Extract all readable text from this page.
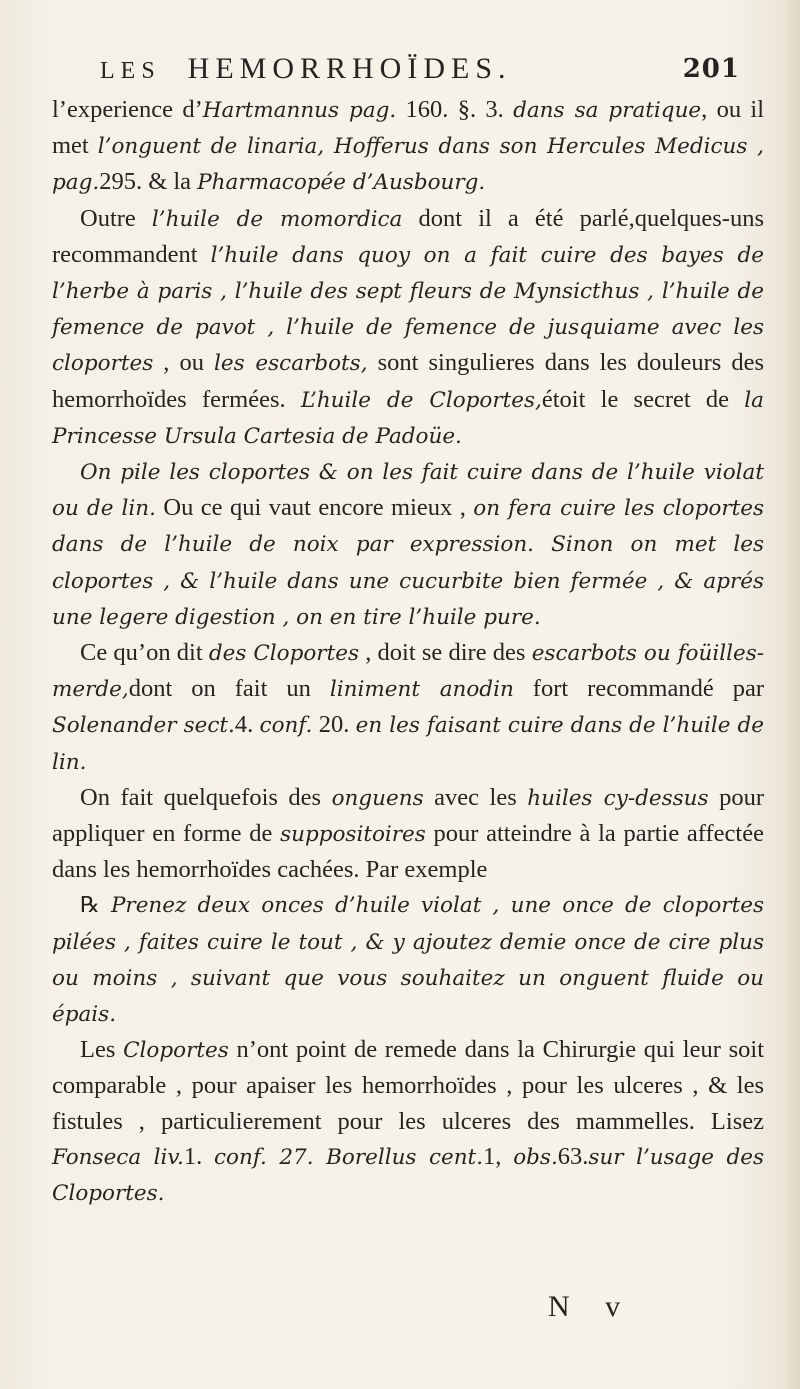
LES HEMORRHOÏDES.	201

l’experience d’Hartmannus pag. 160. §. 3. dans sa pratique, ou il met l’onguent de linaria, Hofferus dans son Hercules Medicus , pag.295. & la Pharmacopée d’Ausbourg.

Outre l’huile de momordica dont il a été parlé,quelques-uns recommandent l’huile dans quoy on a fait cuire des bayes de l’herbe à paris , l’huile des sept fleurs de Mynsicthus , l’huile de femence de pavot , l’huile de femence de jusquiame avec les cloportes , ou les escarbots, sont singulieres dans les douleurs des hemorrhoïdes fermées. L’huile de Cloportes,étoit le secret de la Princesse Ursula Cartesia de Padoüe.

On pile les cloportes & on les fait cuire dans de l’huile violat ou de lin. Ou ce qui vaut encore mieux , on fera cuire les cloportes dans de l’huile de noix par expression. Sinon on met les cloportes , & l’huile dans une cucurbite bien fermée , & aprés une legere digestion , on en tire l’huile pure.

Ce qu’on dit des Cloportes , doit se dire des escarbots ou foüilles-merde,dont on fait un liniment anodin fort recommandé par Solenander sect.4. conf. 20. en les faisant cuire dans de l’huile de lin.

On fait quelquefois des onguens avec les huiles cy-dessus pour appliquer en forme de suppositoires pour atteindre à la partie affectée dans les hemorrhoïdes cachées. Par exemple

℞ Prenez deux onces d’huile violat , une once de cloportes pilées , faites cuire le tout , & y ajoutez demie once de cire plus ou moins , suivant que vous souhaitez un onguent fluide ou épais.

Les Cloportes n’ont point de remede dans la Chirurgie qui leur soit comparable , pour apaiser les hemorrhoïdes , pour les ulceres , & les fistules , particulierement pour les ulceres des mammelles. Lisez Fonseca liv.1. conf. 27. Borellus cent.1, obs.63.sur l’usage des Cloportes.

N v
